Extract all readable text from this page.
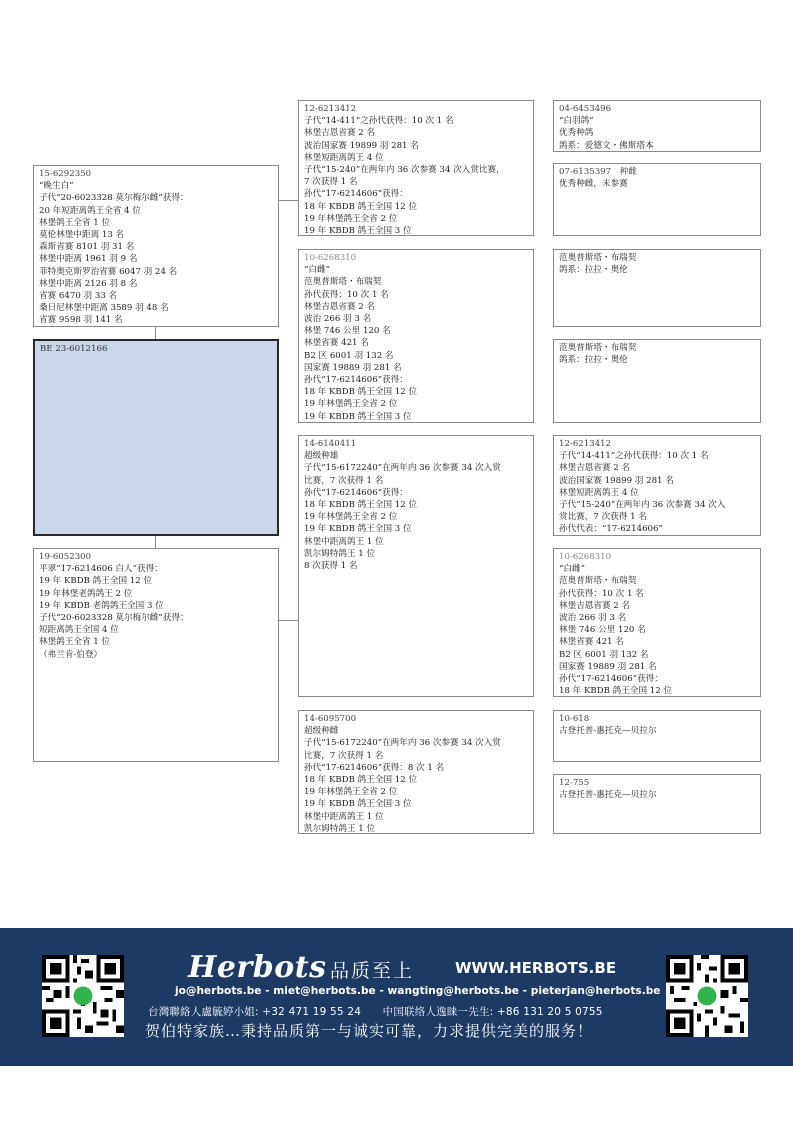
15-6292350
“晚生白”
子代“20-6023328 莫尔梅尔雌”获得：
20 年短距离鸽王全省 4 位
林堡鸽王全省 1 位
莫伦林堡中距离 13 名
森斯省赛 8101 羽 31 名
林堡中距离 1961 羽 9 名
菲特奥克斯罗治省赛 6047 羽 24 名
林堡中距离 2126 羽 8 名
省赛 6470 羽 33 名
桑日尼林堡中距离 3589 羽 48 名
省赛 9598 羽 141 名
BE 23-6012166
19-6052300
平翠“17-6214606 白人”获得：
19 年 KBDB 鸽王全国 12 位
19 年林堡老鸽鸽王 2 位
19 年 KBDB 老鸽鸽王全国 3 位
子代“20-6023328 莫尔梅尔雌”获得：
短距离鸽王全国 4 位
林堡鸽王全省 1 位
（弗兰肯-伯登）
12-6213412
子代“14-411”之孙代获得：10 次 1 名
林堡吉恩省赛 2 名
波治国家赛 19899 羽 281 名
林堡短距离鸽王 4 位
子代“15-240”在两年内 36 次参赛 34 次入赏比赛，
7 次获得 1 名
孙代“17-6214606”获得：
18 年 KBDB 鸽王全国 12 位
19 年林堡鸽王全省 2 位
19 年 KBDB 鸽王全国 3 位
10-6268310
“白雌”
范奥普斯塔・布瑞契
孙代获得：10 次 1 名
林堡吉恩省赛 2 名
波治 266 羽 3 名
林堡 746 公里 120 名
林堡省赛 421 名
B2 区 6001 羽 132 名
国家赛 19889 羽 281 名
孙代“17-6214606”获得：
18 年 KBDB 鸽王全国 12 位
19 年林堡鸽王全省 2 位
19 年 KBDB 鸽王全国 3 位
14-6140411
超级种雄
子代“15-6172240”在两年内 36 次参赛 34 次入赏
比赛，7 次获得 1 名
孙代“17-6214606”获得：
18 年 KBDB 鸽王全国 12 位
19 年林堡鸽王全省 2 位
19 年 KBDB 鸽王全国 3 位
林堡中距离鸽王 1 位
凯尔姆特鸽王 1 位
8 次获得 1 名
14-6095700
超级种雌
子代“15-6172240”在两年内 36 次参赛 34 次入赏
比赛，7 次获得 1 名
孙代“17-6214606”获得：8 次 1 名
18 年 KBDB 鸽王全国 12 位
19 年林堡鸽王全省 2 位
19 年 KBDB 鸽王全国 3 位
林堡中距离鸽王 1 位
凯尔姆特鸽王 1 位
04-6453496
“白羽鸽”
优秀种鸽
鸽系：爱德文・佛斯塔本
07-6135397　种雌
优秀种雌，未参赛
范奥普斯塔・布瑞契
鸽系：拉拉・奥伦
范奥普斯塔・布瑞契
鸽系：拉拉・奥伦
12-6213412
子代“14-411”之孙代获得：10 次 1 名
林堡吉恩省赛 2 名
波治国家赛 19899 羽 281 名
林堡短距离鸽王 4 位
子代“15-240”在两年内 36 次参赛 34 次入
赏比赛，7 次获得 1 名
孙代代表：“17-6214606”
10-6268310
“白雌”
范奥普斯塔・布瑞契
孙代获得：10 次 1 名
林堡吉恩省赛 2 名
波治 266 羽 3 名
林堡 746 公里 120 名
林堡省赛 421 名
B2 区 6001 羽 132 名
国家赛 19889 羽 281 名
孙代“17-6214606”获得：
18 年 KBDB 鸽王全国 12 位
10-618
古登托普-惠托克—贝拉尔
12-755
古登托普-惠托克—贝拉尔
Herbots 品质至上	WWW.HERBOTS.BE
jo@herbots.be - miet@herbots.be - wangting@herbots.be - pieterjan@herbots.be
台灣聯絡人盧毓婷小姐: +32 471 19 55 24 中国联络人逸睐一先生: +86 131 20 5 0755
贺伯特家族…秉持品质第一与诚实可靠，力求提供完美的服务！
